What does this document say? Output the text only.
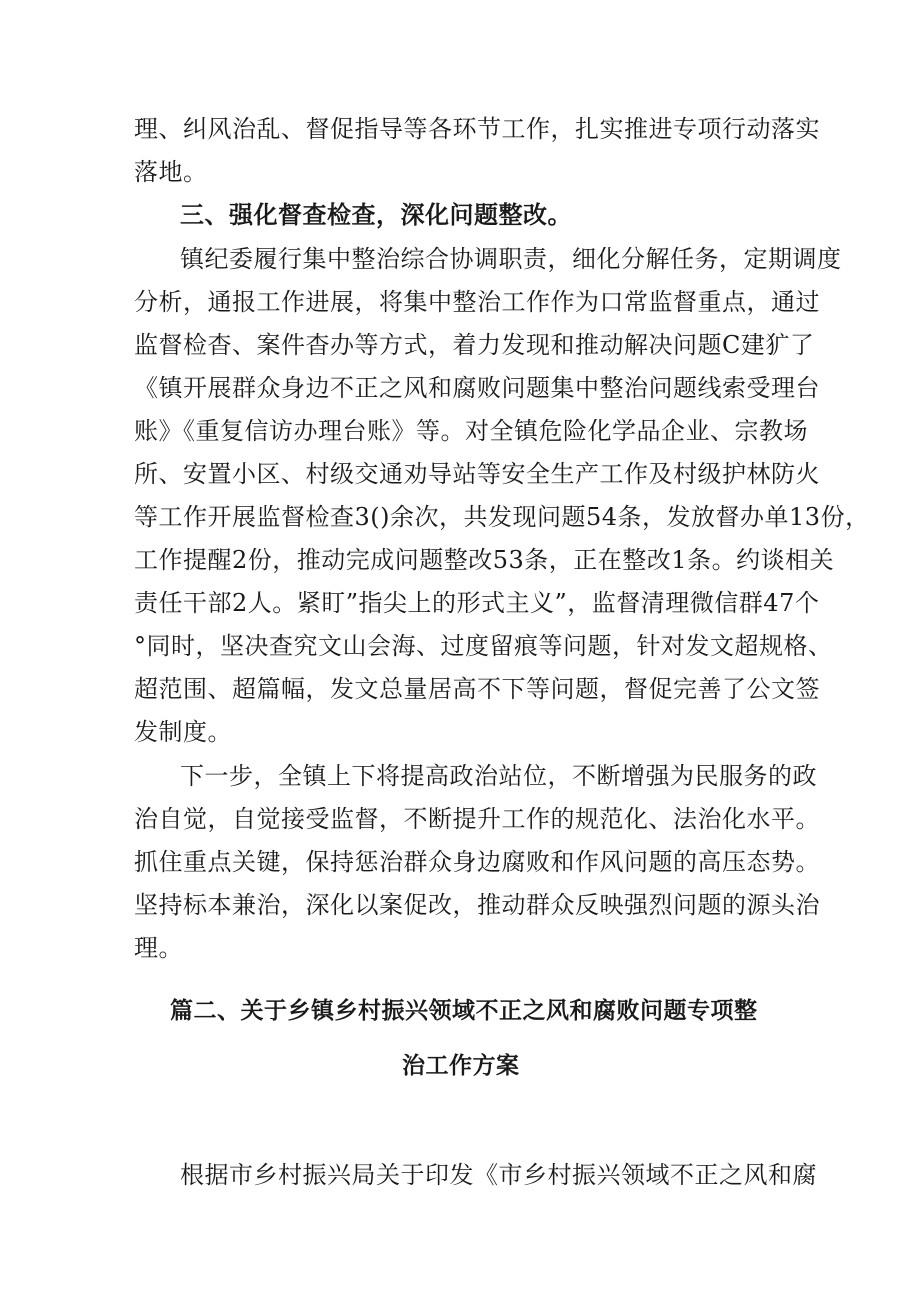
理、纠风治乱、督促指导等各环节工作，扎实推进专项行动落实
落地。
三、强化督查检查，深化问题整改。
镇纪委履行集中整治综合协调职责，细化分解任务，定期调度
分析，通报工作进展，将集中整治工作作为口常监督重点，通过
监督检杳、案件杳办等方式，着力发现和推动解决问题C建犷了
《镇开展群众身边不正之风和腐败问题集中整治问题线索受理台
账》《重复信访办理台账》等。对全镇危险化学品企业、宗教场
所、安置小区、村级交通劝导站等安全生产工作及村级护林防火
等工作开展监督检查3()余次，共发现问题54条，发放督办单13份，
工作提醒2份，推动完成问题整改53条，正在整改1条。约谈相关
责任干部2人。紧盯”指尖上的形式主义”，监督清理微信群47个
°同时，坚决查究文山会海、过度留痕等问题，针对发文超规格、
超范围、超篇幅，发文总量居高不下等问题，督促完善了公文签
发制度。
下一步，全镇上下将提高政治站位，不断增强为民服务的政
治自觉，自觉接受监督，不断提升工作的规范化、法治化水平。
抓住重点关键，保持惩治群众身边腐败和作风问题的高压态势。
坚持标本兼治，深化以案促改，推动群众反映强烈问题的源头治
理。
篇二、关于乡镇乡村振兴领域不正之风和腐败问题专项整
治工作方案
根据市乡村振兴局关于印发《市乡村振兴领域不正之风和腐
